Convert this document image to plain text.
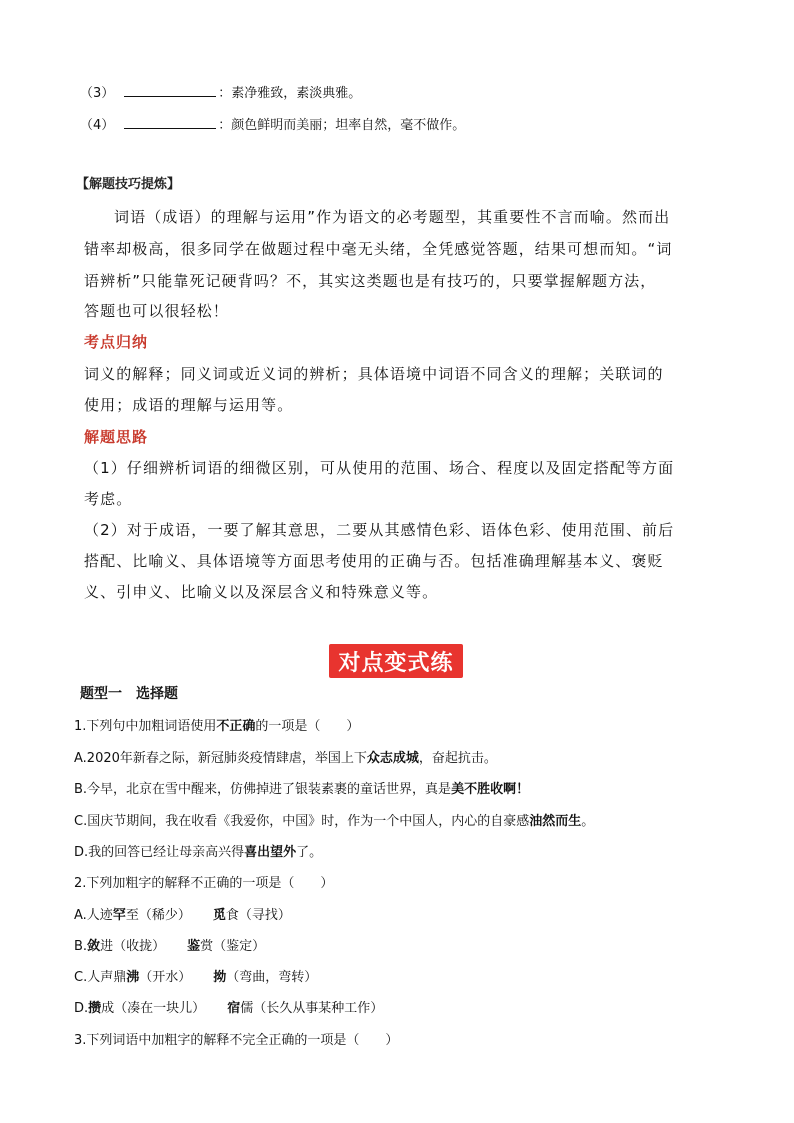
（3）	：素净雅致，素淡典雅。
（4）	：颜色鲜明而美丽；坦率自然，毫不做作。
【解题技巧提炼】
词语（成语）的理解与运用”作为语文的必考题型，其重要性不言而喻。然而出
错率却极高，很多同学在做题过程中毫无头绪，全凭感觉答题，结果可想而知。“词
语辨析”只能靠死记硬背吗？不，其实这类题也是有技巧的，只要掌握解题方法，
答题也可以很轻松！
考点归纳
词义的解释；同义词或近义词的辨析；具体语境中词语不同含义的理解；关联词的
使用；成语的理解与运用等。
解题思路
（1）仔细辨析词语的细微区别，可从使用的范围、场合、程度以及固定搭配等方面
考虑。
（2）对于成语，一要了解其意思，二要从其感情色彩、语体色彩、使用范围、前后
搭配、比喻义、具体语境等方面思考使用的正确与否。包括准确理解基本义、褒贬
义、引申义、比喻义以及深层含义和特殊意义等。
对点变式练
题型一　选择题
1.下列句中加粗词语使用不正确的一项是（　　）
A.2020年新春之际，新冠肺炎疫情肆虐，举国上下众志成城，奋起抗击。
B.今早，北京在雪中醒来，仿佛掉进了银装素裹的童话世界，真是美不胜收啊！
C.国庆节期间，我在收看《我爱你，中国》时，作为一个中国人，内心的自豪感油然而生。
D.我的回答已经让母亲高兴得喜出望外了。
2.下列加粗字的解释不正确的一项是（　　）
A.人迹罕至（稀少） 觅食（寻找）
B.敛进（收拢） 鉴赏（鉴定）
C.人声鼎沸（开水） 拗（弯曲，弯转）
D.攒成（凑在一块儿） 宿儒（长久从事某种工作）
3.下列词语中加粗字的解释不完全正确的一项是（　　）
